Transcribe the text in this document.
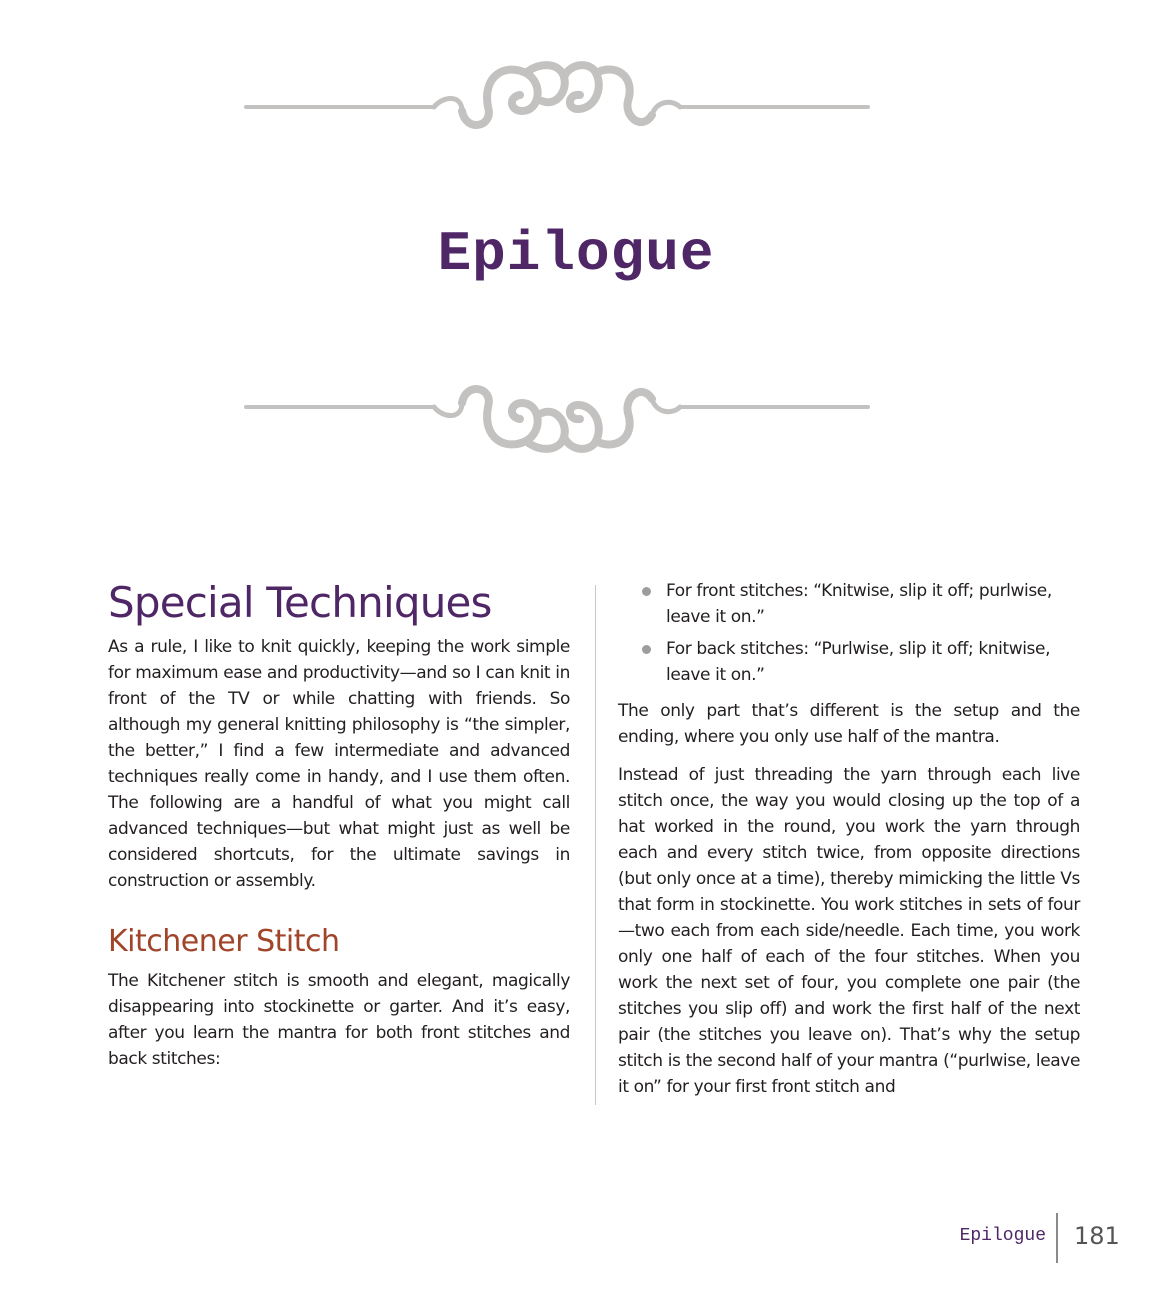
Epilogue
Special Techniques

As a rule, I like to knit quickly, keeping the work simple for maximum ease and productivity—and so I can knit in front of the TV or while chatting with friends. So although my general knitting philosophy is “the simpler, the better,” I find a few intermediate and advanced techniques really come in handy, and I use them often. The following are a handful of what you might call advanced techniques—but what might just as well be considered shortcuts, for the ultimate savings in construction or assembly.

Kitchener Stitch

The Kitchener stitch is smooth and elegant, magically disappearing into stockinette or garter. And it’s easy, after you learn the mantra for both front stitches and back stitches:

For front stitches: “Knitwise, slip it off; purlwise, leave it on.”
For back stitches: “Purlwise, slip it off; knitwise, leave it on.”

The only part that’s different is the setup and the ending, where you only use half of the mantra.

Instead of just threading the yarn through each live stitch once, the way you would closing up the top of a hat worked in the round, you work the yarn through each and every stitch twice, from opposite directions (but only once at a time), thereby mimicking the little Vs that form in stockinette. You work stitches in sets of four—two each from each side/needle. Each time, you work only one half of each of the four stitches. When you work the next set of four, you complete one pair (the stitches you slip off) and work the first half of the next pair (the stitches you leave on). That’s why the setup stitch is the second half of your mantra (“purlwise, leave it on” for your first front stitch and

Epilogue 181
